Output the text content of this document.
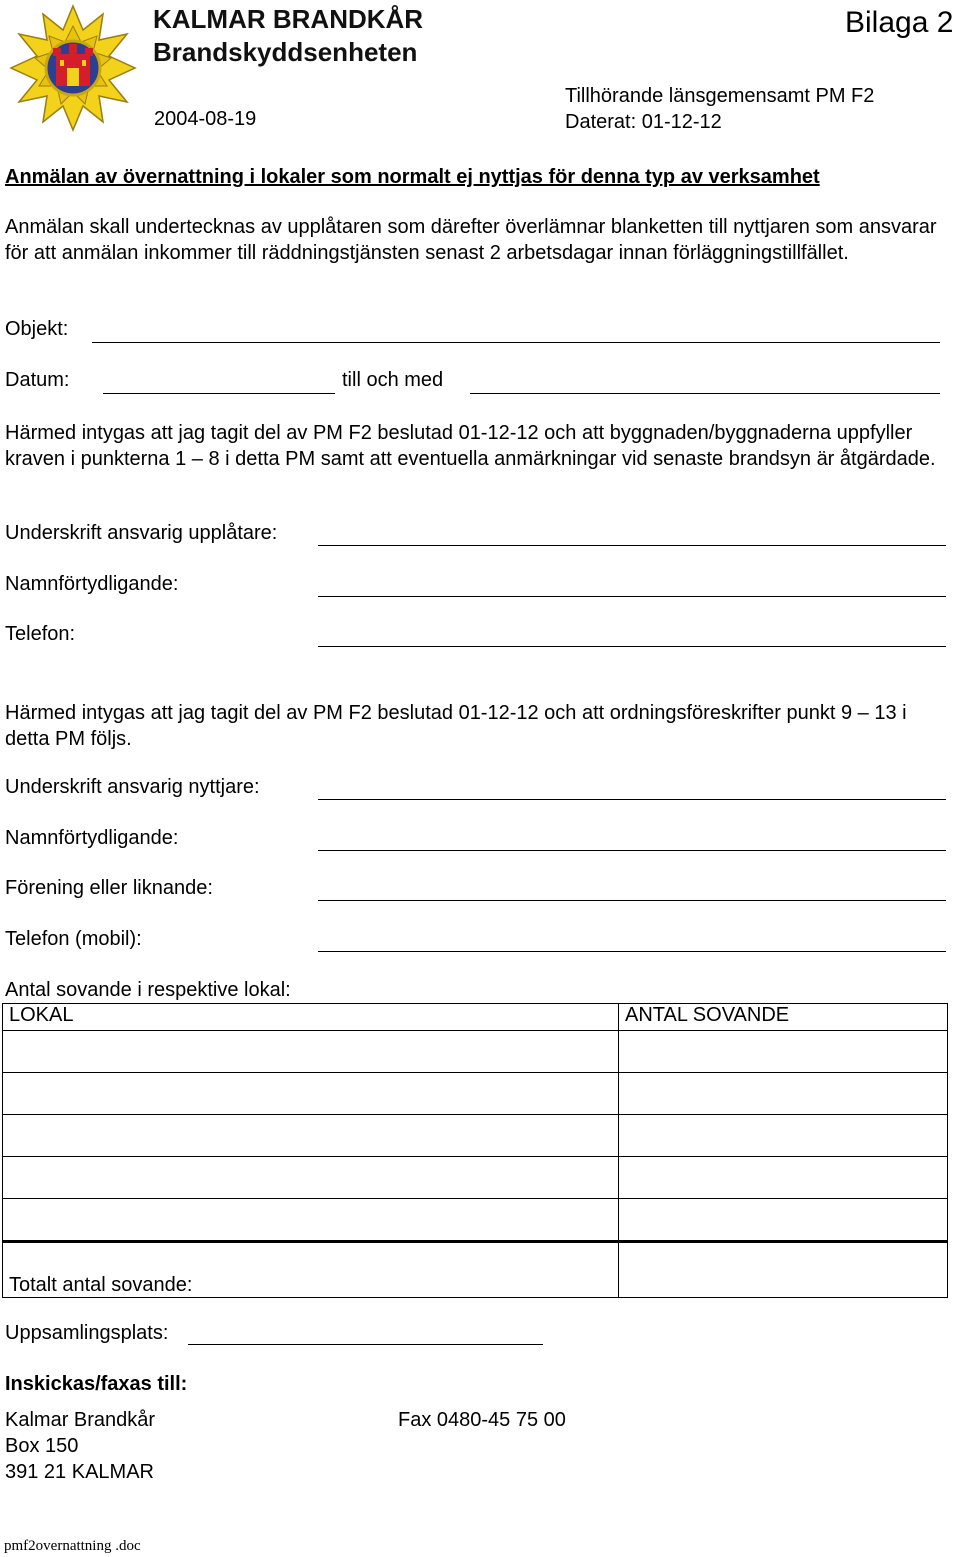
KALMAR BRANDKÅR
Brandskyddsenheten
Bilaga 2
2004-08-19
Tillhörande länsgemensamt PM F2
Daterat: 01-12-12
Anmälan av övernattning i lokaler som normalt ej nyttjas för denna typ av verksamhet
Anmälan skall undertecknas av upplåtaren som därefter överlämnar blanketten till nyttjaren som ansvarar för att anmälan inkommer till räddningstjänsten senast 2 arbetsdagar innan förläggningstillfället.
Objekt:
Datum:	till och med
Härmed intygas att jag tagit del av PM F2 beslutad 01-12-12 och att byggnaden/byggnaderna uppfyller kraven i punkterna 1 – 8 i detta PM samt att eventuella anmärkningar vid senaste brandsyn är åtgärdade.
Underskrift ansvarig upplåtare:
Namnförtydligande:
Telefon:
Härmed intygas att jag tagit del av PM F2 beslutad 01-12-12 och att ordningsföreskrifter punkt 9 – 13 i detta PM följs.
Underskrift ansvarig nyttjare:
Namnförtydligande:
Förening eller liknande:
Telefon (mobil):
Antal sovande i respektive lokal:
LOKAL	ANTAL SOVANDE

Totalt antal sovande:	
Uppsamlingsplats:
Inskickas/faxas till:
Kalmar Brandkår	Fax 0480-45 75 00
Box 150
391 21 KALMAR
pmf2overnattning .doc
